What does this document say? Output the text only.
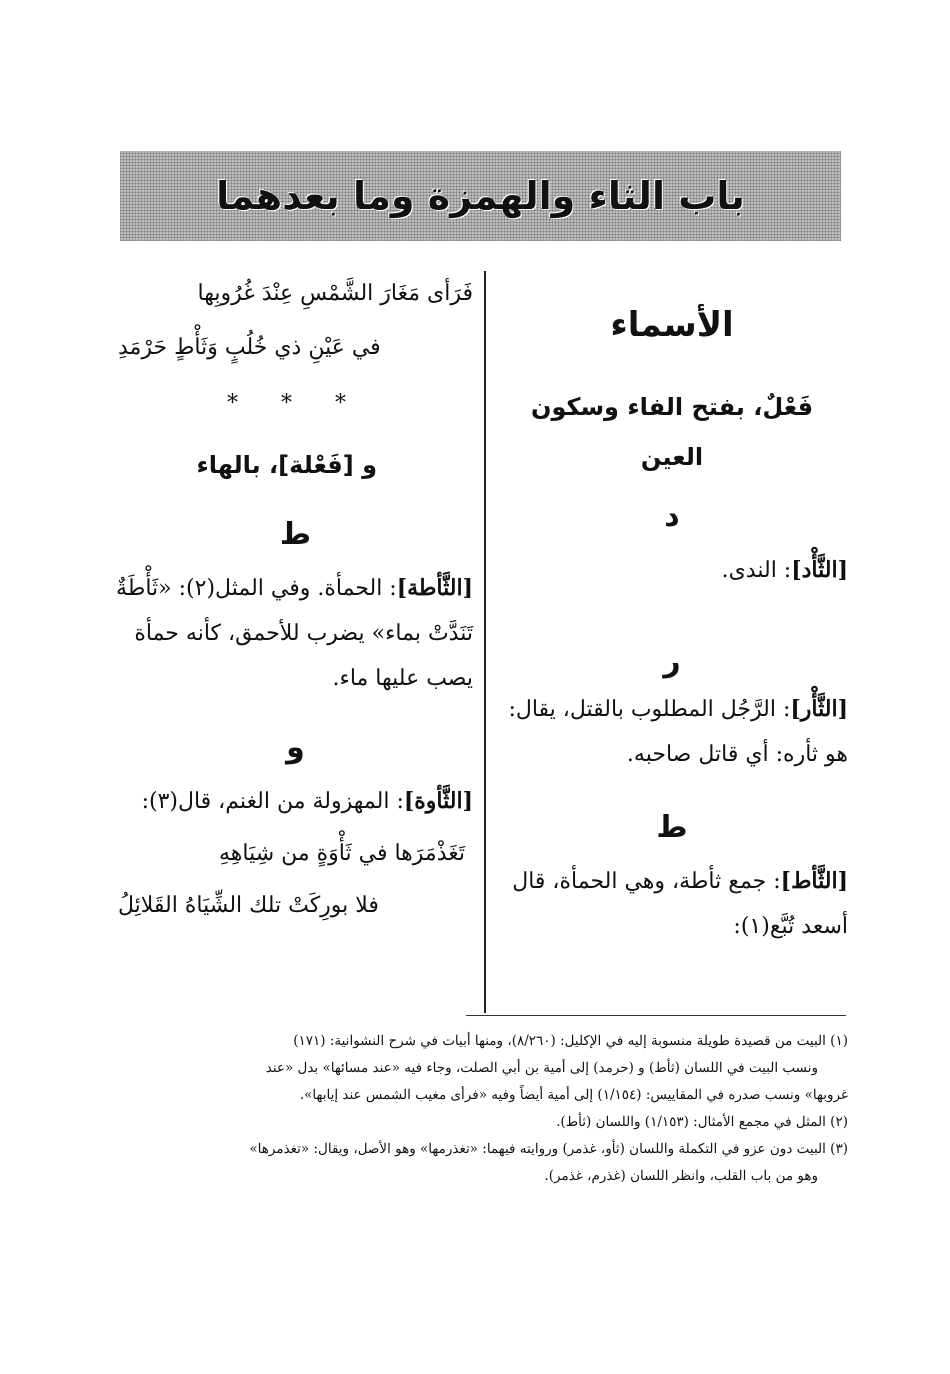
باب الثاء والهمزة وما بعدهما
الأسماء
فَعْلٌ، بفتح الفاء وسكون العين
د
[الثَّأْد]: الندى.
ر
[الثَّأْر]: الرَّجُل المطلوب بالقتل، يقال:
هو ثأره: أي قاتل صاحبه.
ط
[الثَّأط]: جمع ثأطة، وهي الحمأة، قال
أسعد تُبَّع(١):
فَرَأى مَغَارَ الشَّمْسِ عِنْدَ غُرُوبِها
في عَيْنِ ذي خُلُبٍ وَثَأْطٍ حَرْمَدِ
* * *
و [فَعْلة]، بالهاء
ط
[الثَّأطة]: الحمأة. وفي المثل(٢): «ثَأْطَةٌ
تَنَدَّتْ بماء» يضرب للأحمق، كأنه حمأة
يصب عليها ماء.
و
[الثَّأوة]: المهزولة من الغنم، قال(٣):
تَغَذْمَرَها في ثَأْوَةٍ من شِيَاهِهِ
فلا بورِكَتْ تلك الشِّيَاهُ القَلائِلُ
(١) البيت من قصيدة طويلة منسوبة إليه في الإكليل: (٨/٢٦٠)، ومنها أبيات في شرح النشوانية: (١٧١)
ونسب البيت في اللسان (ثأط) و (حرمد) إلى أمية بن أبي الصلت، وجاء فيه «عند مسائها» بدل «عند
غروبها» ونسب صدره في المقاييس: (١/١٥٤) إلى أمية أيضاً وفيه «فرأى مغيب الشمس عند إيابها».
(٢) المثل في مجمع الأمثال: (١/١٥٣) واللسان (ثأط).
(٣) البيت دون عزو في التكملة واللسان (ثأو، غذمر) وروايته فيهما: «تغذرمها» وهو الأصل، ويقال: «تغذمرها»
وهو من باب القلب، وانظر اللسان (غذرم، غذمر).
